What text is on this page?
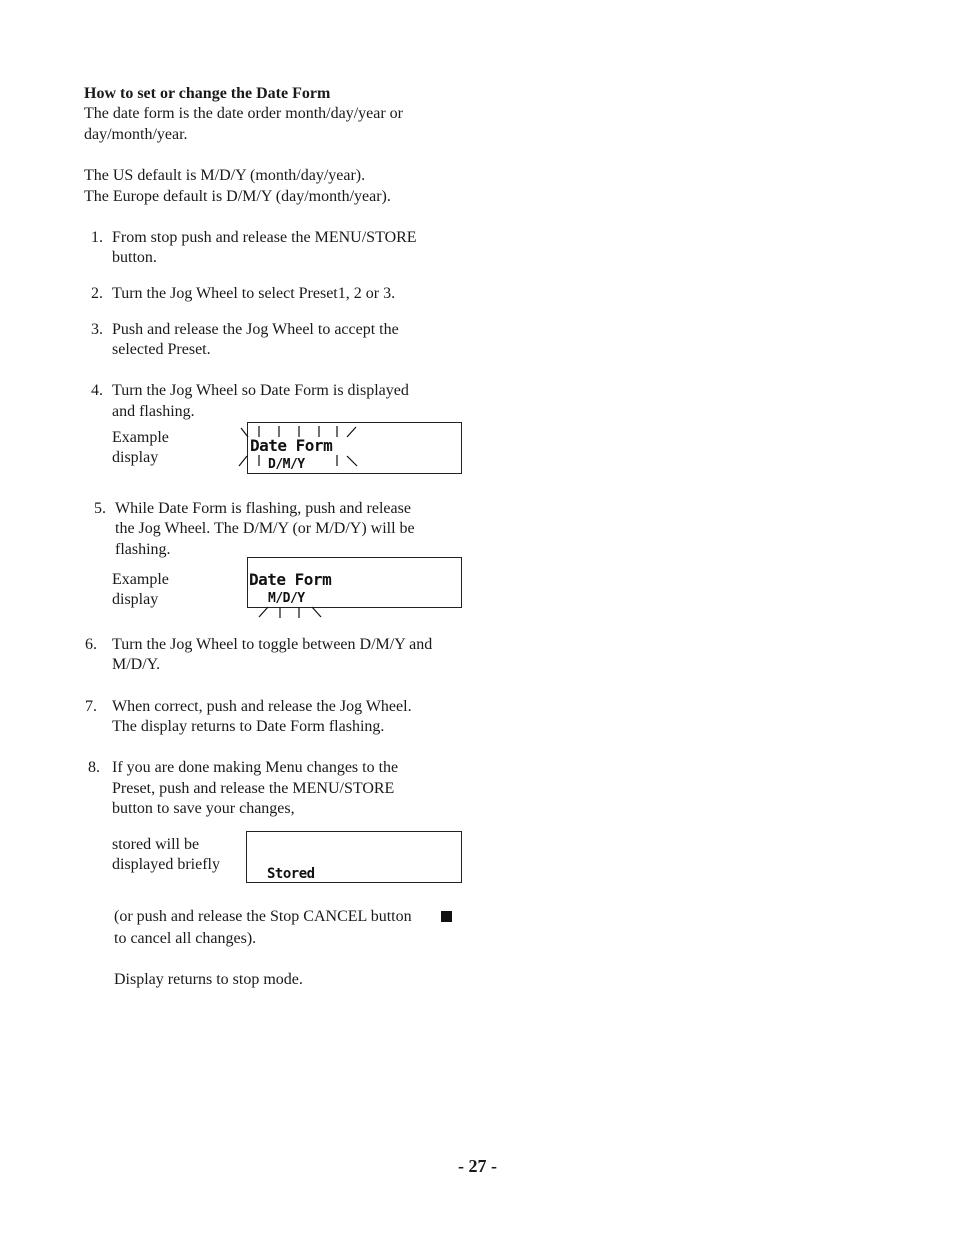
How to set or change the Date Form
The date form is the date order month/day/year or
day/month/year.
The US default is M/D/Y (month/day/year).
The Europe default is D/M/Y (day/month/year).
1. From stop push and release the MENU/STORE
button.
2. Turn the Jog Wheel to select Preset1, 2 or 3.
3. Push and release the Jog Wheel to accept the
selected Preset.
4. Turn the Jog Wheel so Date Form is displayed
and flashing.
Example
display
Date Form
D/M/Y
5. While Date Form is flashing, push and release
the Jog Wheel. The D/M/Y (or M/D/Y) will be
flashing.
Example
display
Date Form
M/D/Y
6. Turn the Jog Wheel to toggle between D/M/Y and
M/D/Y.
7. When correct, push and release the Jog Wheel.
The display returns to Date Form flashing.
8. If you are done making Menu changes to the
Preset, push and release the MENU/STORE
button to save your changes,
stored will be
displayed briefly
Stored
(or push and release the Stop CANCEL button
to cancel all changes).
Display returns to stop mode.
- 27 -
